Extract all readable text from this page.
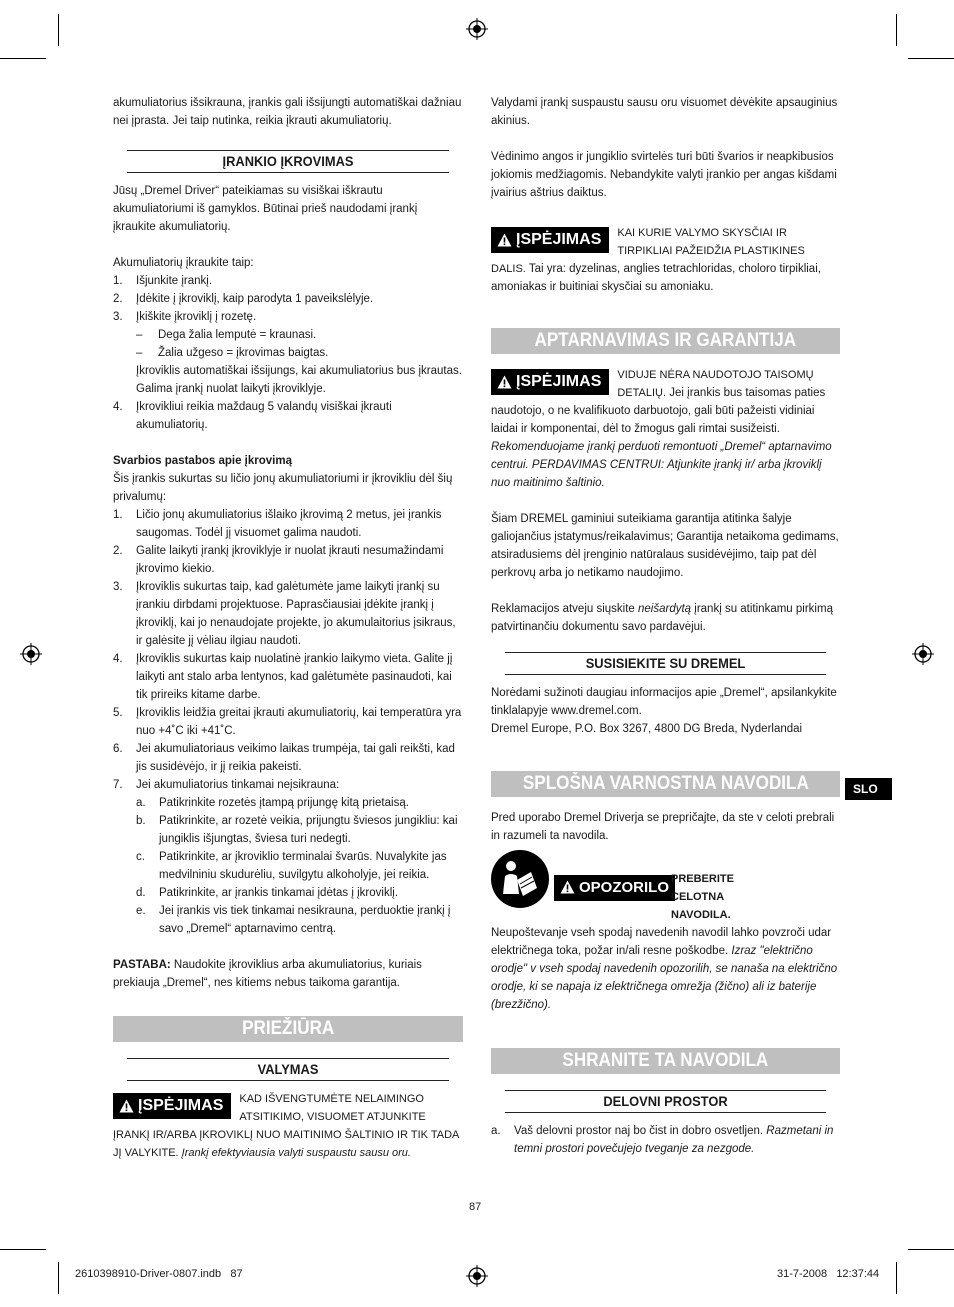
akumuliatorius išsikrauna, įrankis gali išsijungti automatiškai dažniau nei įprasta. Jei taip nutinka, reikia įkrauti akumuliatorių.

ĮRANKIO ĮKROVIMAS

Jūsų „Dremel Driver“ pateikiamas su visiškai iškrautu akumuliatoriumi iš gamyklos. Būtinai prieš naudodami įrankį įkraukite akumuliatorių.

Akumuliatorių įkraukite taip:

1. Išjunkite įrankį.
2. Įdėkite į įkroviklį, kaip parodyta 1 paveikslėlyje.
3. Įkiškite įkroviklį į rozetę.
– Dega žalia lemputė = kraunasi.
– Žalia užgeso = įkrovimas baigtas.
Įkroviklis automatiškai išsijungs, kai akumuliatorius bus įkrautas. Galima įrankį nuolat laikyti įkroviklyje.
4. Įkrovikliui reikia maždaug 5 valandų visiškai įkrauti akumuliatorių.

Svarbios pastabos apie įkrovimą

Šis įrankis sukurtas su ličio jonų akumuliatoriumi ir įkrovikliu dėl šių privalumų:

1. Ličio jonų akumuliatorius išlaiko įkrovimą 2 metus, jei įrankis saugomas. Todėl jį visuomet galima naudoti.
2. Galite laikyti įrankį įkroviklyje ir nuolat įkrauti nesumažindami įkrovimo kiekio.
3. Įkroviklis sukurtas taip, kad galėtumėte jame laikyti įrankį su įrankiu dirbdami projektuose. Paprasčiausiai įdėkite įrankį į įkroviklį, kai jo nenaudojate projekte, jo akumulaitorius įsikraus, ir galėsite jį vėliau ilgiau naudoti.
4. Įkroviklis sukurtas kaip nuolatinė įrankio laikymo vieta. Galite jį laikyti ant stalo arba lentynos, kad galėtumėte pasinaudoti, kai tik prireiks kitame darbe.
5. Įkroviklis leidžia greitai įkrauti akumuliatorių, kai temperatūra yra nuo +4˚C iki +41˚C.
6. Jei akumuliatoriaus veikimo laikas trumpėja, tai gali reikšti, kad jis susidėvėjo, ir jį reikia pakeisti.
7. Jei akumuliatorius tinkamai neįsikrauna:
a. Patikrinkite rozetės įtampą prijungę kitą prietaisą.
b. Patikrinkite, ar rozetė veikia, prijungtu šviesos jungikliu: kai jungiklis išjungtas, šviesa turi nedegti.
c. Patikrinkite, ar įkroviklio terminalai švarūs. Nuvalykite jas medvilniniu skudurėliu, suvilgytu alkoholyje, jei reikia.
d. Patikrinkite, ar įrankis tinkamai įdėtas į įkroviklį.
e. Jei įrankis vis tiek tinkamai nesikrauna, perduoktie įrankį į savo „Dremel“ aptarnavimo centrą.

PASTABA: Naudokite įkroviklius arba akumuliatorius, kuriais prekiauja „Dremel“, nes kitiems nebus taikoma garantija.

PRIEŽIŪRA
VALYMAS
ĮSPĖJIMAS	KAD IŠVENGTUMĖTE NELAIMINGO ATSITIKIMO, VISUOMET ATJUNKITE ĮRANKĮ IR/ARBA ĮKROVIKLĮ NUO MAITINIMO ŠALTINIO IR TIK TADA JĮ VALYKITE. Įrankį efektyviausia valyti suspaustu sausu oru.

Valydami įrankį suspaustu sausu oru visuomet dėvėkite apsauginius akinius.

Vėdinimo angos ir jungiklio svirtelės turi būti švarios ir neapkibusios jokiomis medžiagomis. Nebandykite valyti įrankio per angas kišdami įvairius aštrius daiktus.

ĮSPĖJIMAS	KAI KURIE VALYMO SKYSČIAI IR TIRPIKLIAI PAŽEIDŽIA PLASTIKINES DALIS. Tai yra: dyzelinas, anglies tetrachloridas, choloro tirpikliai, amoniakas ir buitiniai skysčiai su amoniaku.
APTARNAVIMAS IR GARANTIJA
ĮSPĖJIMAS	VIDUJE NĖRA NAUDOTOJO TAISOMŲ DETALIŲ. Jei įrankis bus taisomas paties naudotojo, o ne kvalifikuoto darbuotojo, gali būti pažeisti vidiniai laidai ir komponentai, dėl to žmogus gali rimtai susižeisti. Rekomenduojame įrankį perduoti remontuoti „Dremel“ aptarnavimo centrui. PERDAVIMAS CENTRUI: Atjunkite įrankį ir/ arba įkroviklį nuo maitinimo šaltinio.

Šiam DREMEL gaminiui suteikiama garantija atitinka šalyje galiojančius įstatymus/reikalavimus; Garantija netaikoma gedimams, atsiradusiems dėl įrenginio natūralaus susidėvėjimo, taip pat dėl perkrovų arba jo netikamo naudojimo.

Reklamacijos atveju siųskite neišardytą įrankį su atitinkamu pirkimą patvirtinančiu dokumentu savo pardavėjui.

SUSISIEKITE SU DREMEL

Norėdami sužinoti daugiau informacijos apie „Dremel“, apsilankykite tinklalapyje www.dremel.com.

Dremel Europe, P.O. Box 3267, 4800 DG Breda, Nyderlandai

SPLOŠNA VARNOSTNA NAVODILA

Pred uporabo Dremel Driverja se prepričajte, da ste v celoti prebrali in razumeli ta navodila.

OPOZORILO PREBERITE CELOTNA NAVODILA.

Neupoštevanje vseh spodaj navedenih navodil lahko povzroči udar električnega toka, požar in/ali resne poškodbe. Izraz "električno orodje" v vseh spodaj navedenih opozorilih, se nanaša na električno orodje, ki se napaja iz električnega omrežja (žično) ali iz baterije (brezžično).

SHRANITE TA NAVODILA
DELOVNI PROSTOR
a. Vaš delovni prostor naj bo čist in dobro osvetljen. Razmetani in temni prostori povečujejo tveganje za nezgode.
SLO
87
2610398910-Driver-0807.indb   87	31-7-2008   12:37:44
